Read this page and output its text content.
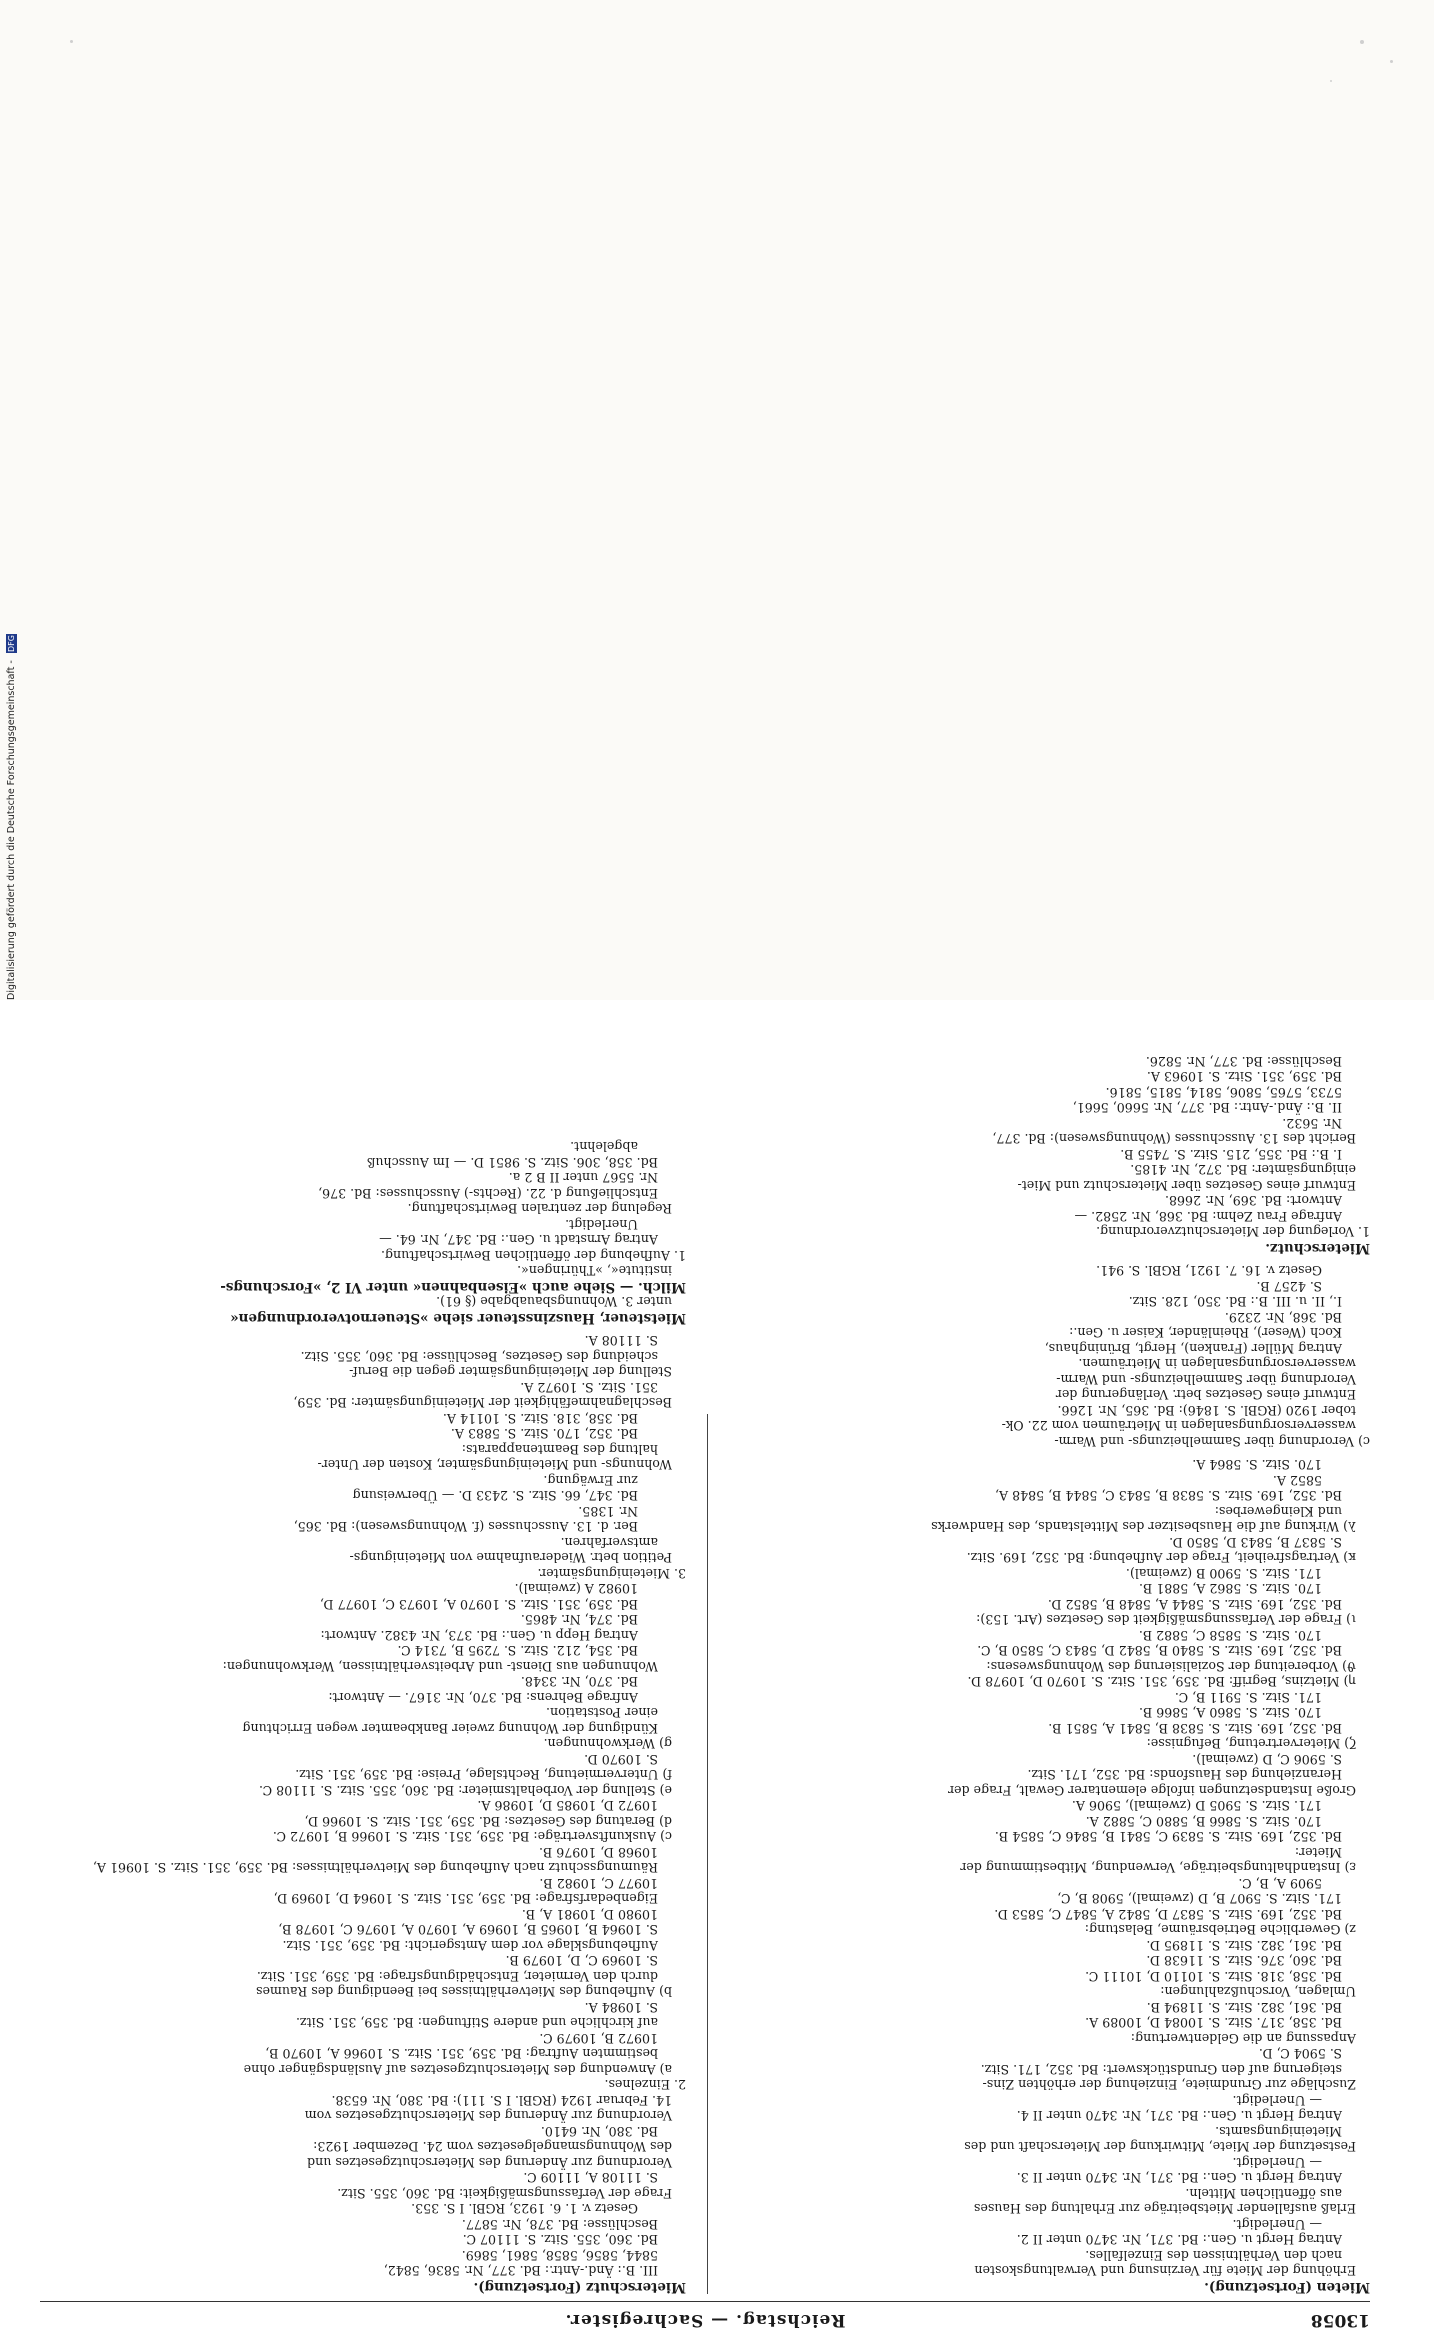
Digitalisierung gefördert durch die Deutsche Forschungsgemeinschaft - DFG
13058
Reichstag. — Sachregister.
Mieten (Fortsetzung).
Erhöhung der Miete für Verzinsung und Verwaltungskosten
nach den Verhältnissen des Einzelfalles.
Antrag Hergt u. Gen.: Bd. 371, Nr. 3470 unter II 2.
— Unerledigt.
Erlaß ausfallender Mietsbeiträge zur Erhaltung des Hauses
aus öffentlichen Mitteln.
Antrag Hergt u. Gen.: Bd. 371, Nr. 3470 unter II 3.
— Unerledigt.
Festsetzung der Miete, Mitwirkung der Mieterschaft und des
Mieteinigungsamts.
Antrag Hergt u. Gen.: Bd. 371, Nr. 3470 unter II 4.
— Unerledigt.
Zuschläge zur Grundmiete, Einziehung der erhöhten Zins-
steigerung auf den Grundstückswert: Bd. 352, 171. Sitz.
S. 5904 C, D.
Anpassung an die Geldentwertung:
Bd. 358, 317. Sitz. S. 10084 D, 10089 A.
Bd. 361, 382. Sitz. S. 11894 B.
Umlagen, Vorschußzahlungen:
Bd. 358, 318. Sitz. S. 10110 D, 10111 C.
Bd. 360, 376. Sitz. S. 11638 D.
Bd. 361, 382. Sitz. S. 11895 D.
z) Gewerbliche Betriebsräume, Belastung:
Bd. 352, 169. Sitz. S. 5837 D, 5842 A, 5847 C, 5853 D.
171. Sitz. S. 5907 B, D (zweimal), 5908 B, C,
5909 A, B, C.
ε) Instandhaltungsbeiträge, Verwendung, Mitbestimmung der
Mieter:
Bd. 352, 169. Sitz. S. 5839 C, 5841 B, 5846 C, 5854 B.
170. Sitz. S. 5866 B, 5880 C, 5882 A.
171. Sitz. S. 5905 D (zweimal), 5906 A.
Große Instandsetzungen infolge elementarer Gewalt, Frage der
Heranziehung des Hausfonds: Bd. 352, 171. Sitz.
S. 5906 C, D (zweimal).
ζ) Mietervertretung, Befugnisse:
Bd. 352, 169. Sitz. S. 5838 B, 5841 A, 5851 B.
170. Sitz. S. 5860 A, 5866 B.
171. Sitz. S. 5911 B, C.
η) Mietzins, Begriff: Bd. 359, 351. Sitz. S. 10970 D, 10978 D.
ϑ) Vorbereitung der Sozialisierung des Wohnungswesens:
Bd. 352, 169. Sitz. S. 5840 B, 5842 D, 5843 C, 5850 B, C.
170. Sitz. S. 5858 C, 5882 B.
ι) Frage der Verfassungsmäßigkeit des Gesetzes (Art. 153):
Bd. 352, 169. Sitz. S. 5844 A, 5848 B, 5852 D.
170. Sitz. S. 5862 A, 5881 B.
171. Sitz. S. 5900 B (zweimal).
κ) Vertragsfreiheit, Frage der Aufhebung: Bd. 352, 169. Sitz.
S. 5837 B, 5843 D, 5850 D.
λ) Wirkung auf die Hausbesitzer des Mittelstands, des Handwerks
und Kleingewerbes:
Bd. 352, 169. Sitz. S. 5838 B, 5843 C, 5844 B, 5848 A,
5852 A.
170. Sitz. S. 5864 A.
c) Verordnung über Sammelheizungs- und Warm-
wasserversorgungsanlagen in Mieträumen vom 22. Ok-
tober 1920 (RGBl. S. 1846): Bd. 365, Nr. 1266.
Entwurf eines Gesetzes betr. Verlängerung der
Verordnung über Sammelheizungs- und Warm-
wasserversorgungsanlagen in Mieträumen.
Antrag Müller (Franken), Hergt, Brüninghaus,
Koch (Weser), Rheinländer, Kaiser u. Gen.:
Bd. 368, Nr. 2329.
I., II. u. III. B.: Bd. 350, 128. Sitz.
S. 4257 B.
Gesetz v. 16. 7. 1921, RGBl. S. 941.
Mieterschutz.
1. Vorlegung der Mieterschutzverordnung.
Anfrage Frau Zehm: Bd. 368, Nr. 2582. —
Antwort: Bd. 369, Nr. 2668.
Entwurf eines Gesetzes über Mieterschutz und Miet-
einigungsämter: Bd. 372, Nr. 4185.
I. B.: Bd. 355, 215. Sitz. S. 7455 B.
Bericht des 13. Ausschusses (Wohnungswesen): Bd. 377,
Nr. 5632.
II. B.: Änd.-Antr.: Bd. 377, Nr. 5660, 5661,
5733, 5765, 5806, 5814, 5815, 5816.
Bd. 359, 351. Sitz. S. 10963 A.
Beschlüsse: Bd. 377, Nr. 5826.
Mieterschutz (Fortsetzung).
III. B.: Änd.-Antr.: Bd. 377, Nr. 5836, 5842,
5844, 5856, 5858, 5861, 5869.
Bd. 360, 355. Sitz. S. 11107 C.
Beschlüsse: Bd. 378, Nr. 5877.
Gesetz v. 1. 6. 1923, RGBl. I S. 353.
Frage der Verfassungsmäßigkeit: Bd. 360, 355. Sitz.
S. 11108 A, 11109 C.
Verordnung zur Änderung des Mieterschutzgesetzes und
des Wohnungsmangelgesetzes vom 24. Dezember 1923:
Bd. 380, Nr. 6410.
Verordnung zur Änderung des Mieterschutzgesetzes vom
14. Februar 1924 (RGBl. I S. 111): Bd. 380, Nr. 6538.
2. Einzelnes.
a) Anwendung des Mieterschutzgesetzes auf Ausländsgänger ohne
bestimmten Auftrag: Bd. 359, 351. Sitz. S. 10966 A, 10970 B,
10972 B, 10979 C.
auf kirchliche und andere Stiftungen: Bd. 359, 351. Sitz.
S. 10984 A.
b) Aufhebung des Mietverhältnisses bei Beendigung des Raumes
durch den Vermieter, Entschädigungsfrage: Bd. 359, 351. Sitz.
S. 10969 C, D, 10979 B.
Aufhebungsklage vor dem Amtsgericht: Bd. 359, 351. Sitz.
S. 10964 B, 10965 B, 10969 A, 10970 A, 10976 C, 10978 B,
10980 D, 10981 A, B.
Eigenbedarfsfrage: Bd. 359, 351. Sitz. S. 10964 D, 10969 D,
10977 C, 10982 B.
Räumungsschutz nach Aufhebung des Mietverhältnisses: Bd. 359, 351. Sitz. S. 10961 A,
10968 D, 10976 B.
c) Auskunftsverträge: Bd. 359, 351. Sitz. S. 10966 B, 10972 C.
d) Beratung des Gesetzes: Bd. 359, 351. Sitz. S. 10966 D,
10972 D, 10985 D, 10986 A.
e) Stellung der Vorbehaltsmieter: Bd. 360, 355. Sitz. S. 11108 C.
f) Untervermietung, Rechtslage, Preise: Bd. 359, 351. Sitz.
S. 10970 D.
g) Werkwohnungen.
Kündigung der Wohnung zweier Bankbeamter wegen Errichtung
einer Poststation.
Anfrage Behrens: Bd. 370, Nr. 3167. — Antwort:
Bd. 370, Nr. 3348.
Wohnungen aus Dienst- und Arbeitsverhältnissen, Werkwohnungen:
Bd. 354, 212. Sitz. S. 7295 B, 7314 C.
Antrag Hepp u. Gen.: Bd. 373, Nr. 4382. Antwort:
Bd. 374, Nr. 4865.
Bd. 359, 351. Sitz. S. 10970 A, 10973 C, 10977 D,
10982 A (zweimal).
3. Mieteinigungsämter.
Petition betr. Wiederaufnahme von Mieteinigungs-
amtsverfahren.
Ber. d. 13. Ausschusses (f. Wohnungswesen): Bd. 365,
Nr. 1385.
Bd. 347, 66. Sitz. S. 2433 D. — Überweisung
zur Erwägung.
Wohnungs- und Mieteinigungsämter, Kosten der Unter-
haltung des Beamtenapparats:
Bd. 352, 170. Sitz. S. 5883 A.
Bd. 358, 318. Sitz. S. 10114 A.
Beschlagnahmefähigkeit der Mieteinigungsämter: Bd. 359,
351. Sitz. S. 10972 A.
Stellung der Mieteinigungsämter gegen die Beruf-
scheidung des Gesetzes, Beschlüsse: Bd. 360, 355. Sitz.
S. 11108 A.
Mietsteuer, Hauszinssteuer siehe »Steuernotverordnungen«
unter 3. Wohnungsbauabgabe (§ 61).
Milch. — Siehe auch »Eisenbahnen« unter VI 2, »Forschungs-
institute«, »Thüringen«.
1. Aufhebung der öffentlichen Bewirtschaftung.
Antrag Arnstadt u. Gen.: Bd. 347, Nr. 64. —
Unerledigt.
Regelung der zentralen Bewirtschaftung.
Entschließung d. 22. (Rechts-) Ausschusses: Bd. 376,
Nr. 5567 unter II B 2 a.
Bd. 358, 306. Sitz. S. 9851 D. — Im Ausschuß
abgelehnt.
